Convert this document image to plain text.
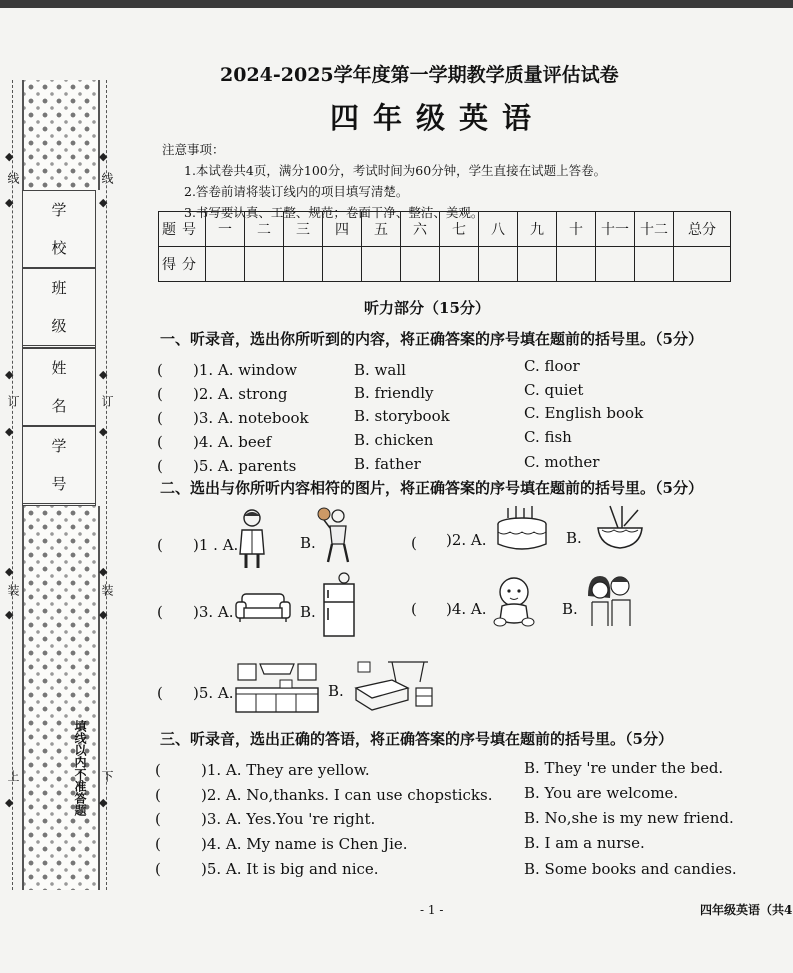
学校
班级
姓名
学号
填线以内不准答题
◆	◆
线	线
◆	◆
◆	◆
订	订
◆	◆
◆	◆
装	装
◆	◆
上	下
◆	◆
2024-2025学年度第一学期教学质量评估试卷
四年级英语
注意事项：
1.本试卷共4页，满分100分，考试时间为60分钟，学生直接在试题上答卷。
2.答卷前请将装订线内的项目填写清楚。
3.书写要认真、工整、规范；卷面干净、整洁、美观。
题号	一	二	三	四	五	六	七	八	九	十	十一	十二	总分
得分													
听力部分（15分）
一、听录音，选出你所听到的内容，将正确答案的序号填在题前的括号里。（5分）
( )1. A. window	B. wall	C. floor
( )2. A. strong	B. friendly	C. quiet
( )3. A. notebook	B. storybook	C. English book
( )4. A. beef	B. chicken	C. fish
( )5. A. parents	B. father	C. mother
二、选出与你所听内容相符的图片，将正确答案的序号填在题前的括号里。（5分）
( )1 . A.	B.	( )2. A.	B.
( )3. A.	B.	( )4. A.	B.
( )5. A.	B.
三、听录音，选出正确的答语，将正确答案的序号填在题前的括号里。（5分）
(	)1. A. They are yellow.	B. They 're under the bed.
(	)2. A. No,thanks. I can use chopsticks. B. You are welcome.
(	)3. A. Yes.You 're right.	B. No,she is my new friend.
(	)4. A. My name is Chen Jie.	B. I am a nurse.
(	)5. A. It is big and nice.	B. Some books and candies.
- 1 -	四年级英语（共4
